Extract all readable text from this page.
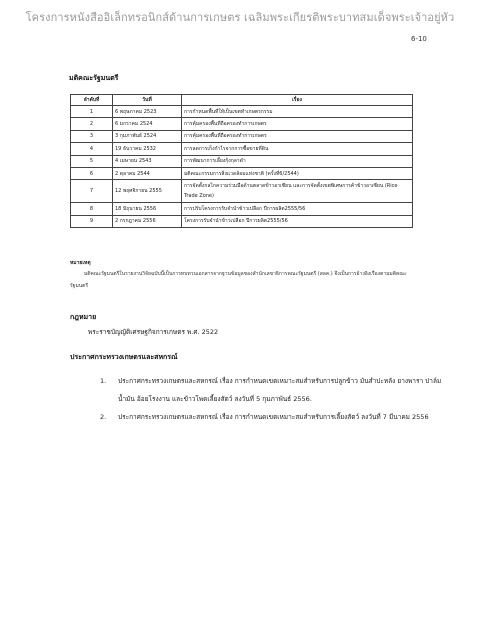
โครงการหนังสืออิเล็กทรอนิกส์ด้านการเกษตร เฉลิมพระเกียรติพระบาทสมเด็จพระเจ้าอยู่หัว
6-10
มติคณะรัฐมนตรี
ลำดับที่	วันที่	เรื่อง
1	6 พฤษภาคม 2523	การกำหนดพื้นที่ให้เป็นเขตทำเกษตรกรรม
2	6 มกราคม 2524	การคุ้มครองพื้นที่ถือครองทำการเกษตร
3	3 กุมภาพันธ์ 2524	การคุ้มครองพื้นที่ถือครองทำการเกษตร
4	19 ธันวาคม 2532	การลดการเก็งกำไรจากการซื้อขายที่ดิน
5	4 เมษายน 2543	การพัฒนาการเลี้ยงกุ้งกุลาดำ
6	2 ตุลาคม 2544	มติคณะกรรมการสิ่งแวดล้อมแห่งชาติ (ครั้งที่6/2544)
7	12 พฤศจิกายน 2555	การจัดตั้งกลไกความร่วมมือด้านตลาดข้าวอาเซียน และการจัดตั้งเขตพิเศษการค้าข้าวอาเซียน (Rice Trade Zone)
8	18 มิถุนายน 2556	การปรับโครงการรับจำนำข้าวเปลือก ปีการผลิต2555/56
9	2 กรกฎาคม 2556	โครงการรับจำนำข้าวเปลือก ปีการผลิต2555/56
หมายเหตุ
มติคณะรัฐมนตรีในรายงานวิจัยฉบับนี้เป็นการทบทวนเอกสารจากฐานข้อมูลของสำนักเลขาธิการคณะรัฐมนตรี (สลค.) จึงเป็นการอ้างอิงเรื่องตามมติคณะรัฐมนตรี
กฎหมาย
พระราชบัญญัติเศรษฐกิจการเกษตร พ.ศ. 2522
ประกาศกระทรวงเกษตรและสหกรณ์
1. ประกาศกระทรวงเกษตรและสหกรณ์ เรื่อง การกำหนดเขตเหมาะสมสำหรับการปลูกข้าว มันสำปะหลัง ยางพารา ปาล์มน้ำมัน อ้อยโรงงาน และข้าวโพดเลี้ยงสัตว์ ลงวันที่ 5 กุมภาพันธ์ 2556.
2. ประกาศกระทรวงเกษตรและสหกรณ์ เรื่อง การกำหนดเขตเหมาะสมสำหรับการเลี้ยงสัตว์ ลงวันที่ 7 มีนาคม 2556
